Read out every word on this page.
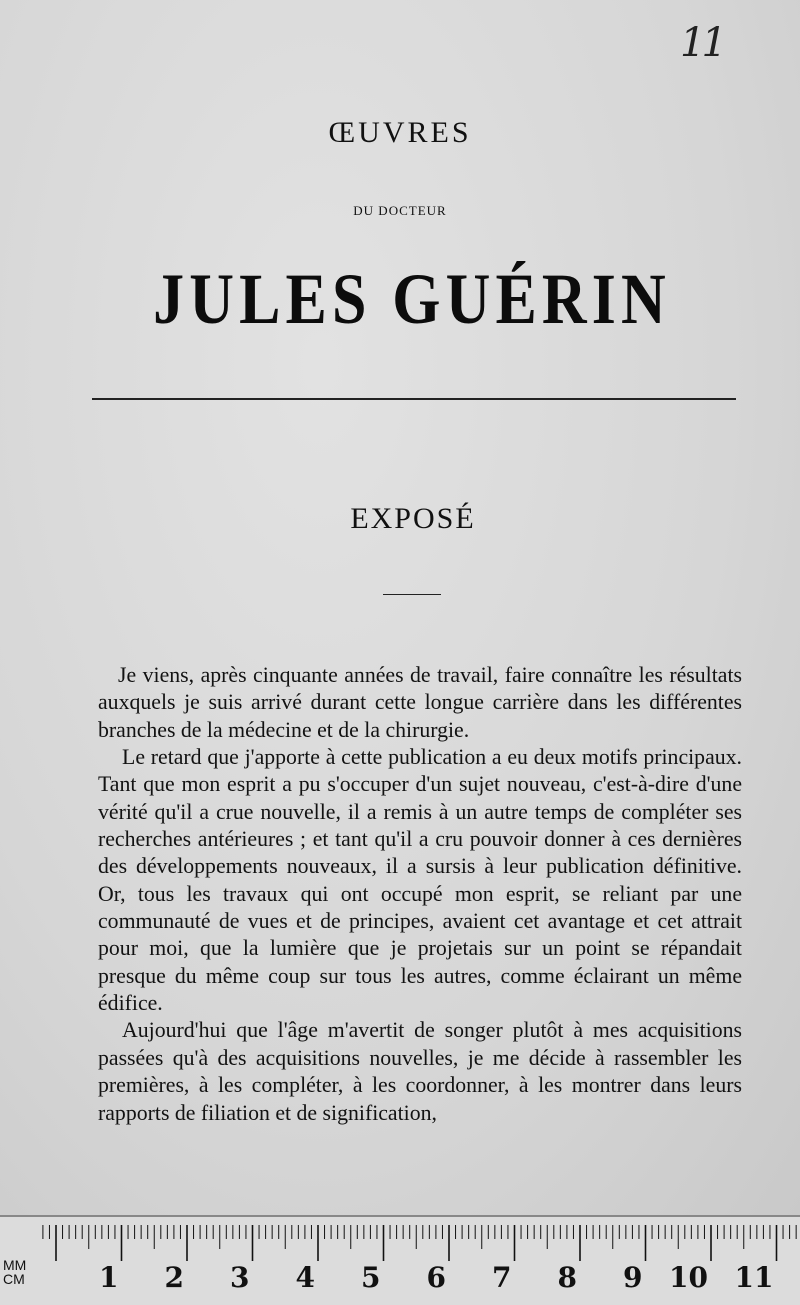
11
ŒUVRES
DU DOCTEUR
JULES GUÉRIN
EXPOSÉ

Je viens, après cinquante années de travail, faire connaître les résultats auxquels je suis arrivé durant cette longue carrière dans les différentes branches de la médecine et de la chirurgie.

Le retard que j'apporte à cette publication a eu deux motifs principaux. Tant que mon esprit a pu s'occuper d'un sujet nouveau, c'est-à-dire d'une vérité qu'il a crue nouvelle, il a remis à un autre temps de compléter ses recherches antérieures ; et tant qu'il a cru pouvoir donner à ces dernières des développements nouveaux, il a sursis à leur publication définitive. Or, tous les travaux qui ont occupé mon esprit, se reliant par une communauté de vues et de principes, avaient cet avantage et cet attrait pour moi, que la lumière que je projetais sur un point se répandait presque du même coup sur tous les autres, comme éclairant un même édifice.

Aujourd'hui que l'âge m'avertit de songer plutôt à mes acquisitions passées qu'à des acquisitions nouvelles, je me décide à rassembler les premières, à les compléter, à les coordonner, à les montrer dans leurs rapports de filiation et de signification,

1 2 3 4 5 6 7 8 9 10 11
MM
CM
